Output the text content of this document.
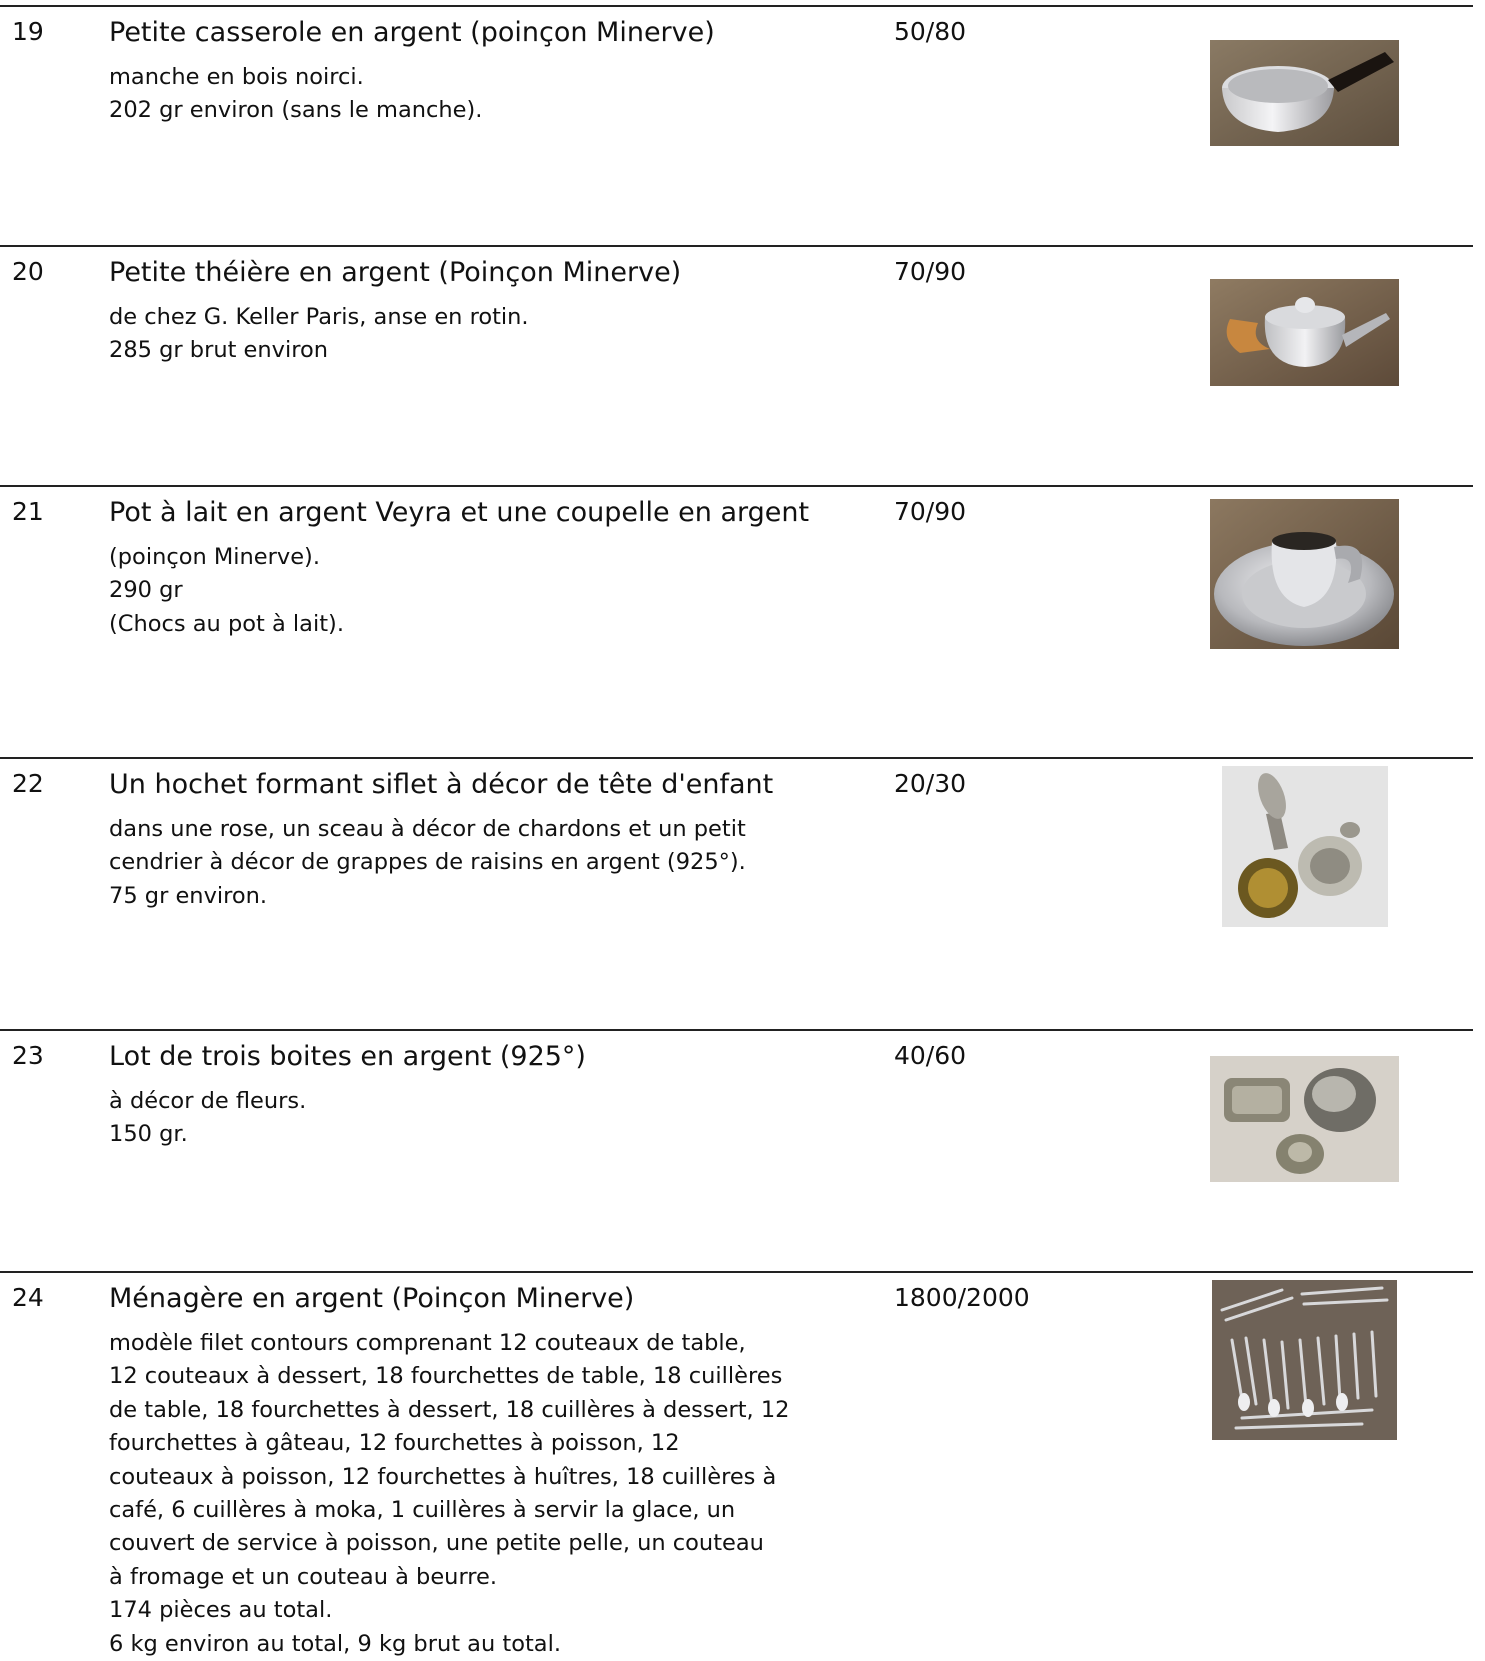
19 Petite casserole en argent (poinçon Minerve)
manche en bois noirci.
202 gr environ (sans le manche).
50/80
20 Petite théière en argent (Poinçon Minerve)
de chez G. Keller Paris, anse en rotin.
285 gr brut environ
70/90
21 Pot à lait en argent Veyra et une coupelle en argent
(poinçon Minerve).
290 gr
(Chocs au pot à lait).
70/90
22 Un hochet formant siflet à décor de tête d'enfant
dans une rose, un sceau à décor de chardons et un petit
cendrier à décor de grappes de raisins en argent (925°).
75 gr environ.
20/30
23 Lot de trois boites en argent (925°)
à décor de fleurs.
150 gr.
40/60
24 Ménagère en argent (Poinçon Minerve)
modèle filet contours comprenant 12 couteaux de table,
12 couteaux à dessert, 18 fourchettes de table, 18 cuillères
de table, 18 fourchettes à dessert, 18 cuillères à dessert, 12
fourchettes à gâteau, 12 fourchettes à poisson, 12
couteaux à poisson, 12 fourchettes à huîtres, 18 cuillères à
café, 6 cuillères à moka, 1 cuillères à servir la glace, un
couvert de service à poisson, une petite pelle, un couteau
à fromage et un couteau à beurre.
174 pièces au total.
6 kg environ au total, 9 kg brut au total.
1800/2000
